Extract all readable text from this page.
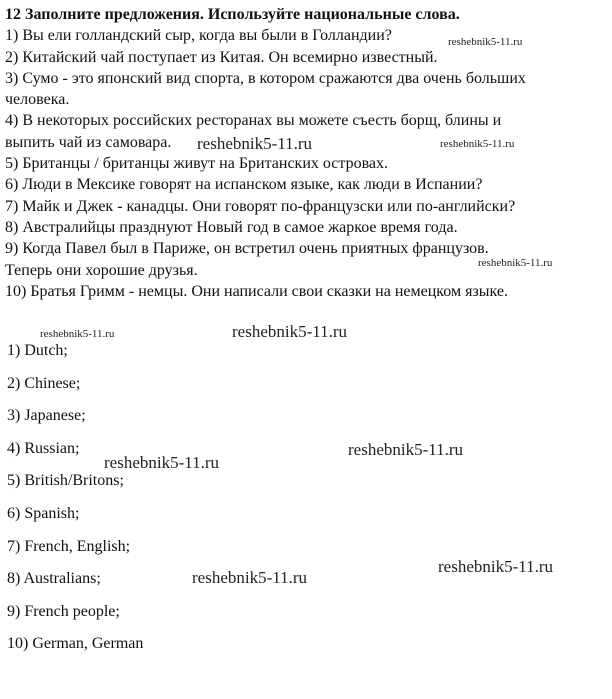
12 Заполните предложения. Используйте национальные слова.
1) Вы ели голландский сыр, когда вы были в Голландии?
2) Китайский чай поступает из Китая. Он всемирно известный.
3) Сумо - это японский вид спорта, в котором сражаются два очень больших
человека.
4) В некоторых российских ресторанах вы можете съесть борщ, блины и
выпить чай из самовара.
5) Британцы / британцы живут на Британских островах.
6) Люди в Мексике говорят на испанском языке, как люди в Испании?
7) Майк и Джек - канадцы. Они говорят по-французски или по-английски?
8) Австралийцы празднуют Новый год в самое жаркое время года.
9) Когда Павел был в Париже, он встретил очень приятных французов.
Теперь они хорошие друзья.
10) Братья Гримм - немцы. Они написали свои сказки на немецком языке.
1) Dutch;
2) Chinese;
3) Japanese;
4) Russian;
5) British/Britons;
6) Spanish;
7) French, English;
8) Australians;
9) French people;
10) German, German
reshebnik5-11.ru
reshebnik5-11.ru	reshebnik5-11.ru
reshebnik5-11.ru
reshebnik5-11.ru	reshebnik5-11.ru
reshebnik5-11.ru
reshebnik5-11.ru
reshebnik5-11.ru
reshebnik5-11.ru
